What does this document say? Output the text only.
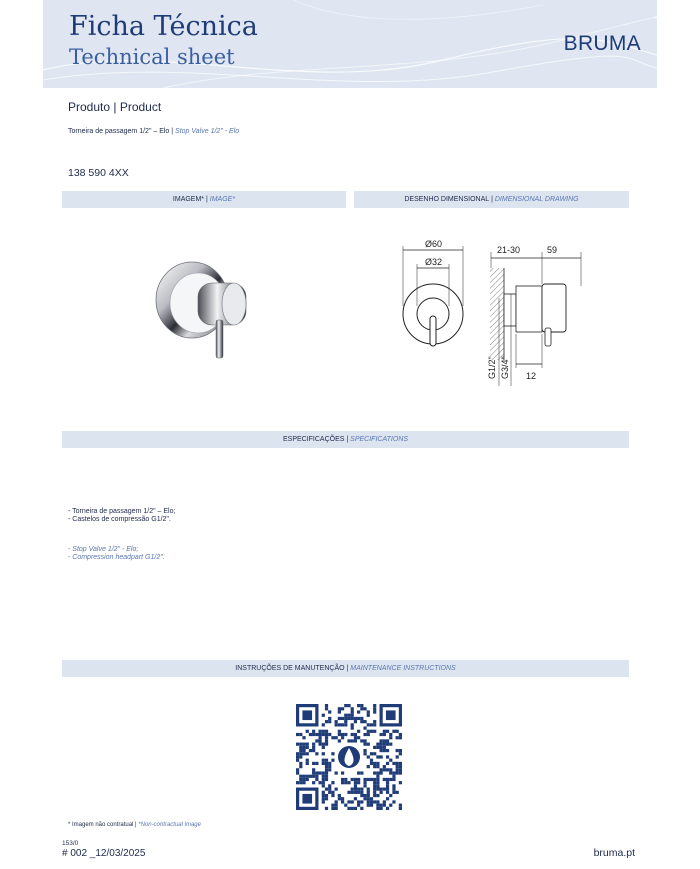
Ficha Técnica
Technical sheet
BRUMA
Produto | Product
Torneira de passagem 1/2" – Elo | Stop Valve 1/2" - Elo
138 590 4XX
IMAGEM* | IMAGE*	DESENHO DIMENSIONAL | DIMENSIONAL DRAWING
Ø60
Ø32
21-30	59
12
G1/2" G3/4"
ESPECIFICAÇÕES | SPECIFICATIONS
- Torneira de passagem 1/2" – Elo;
- Castelos de compressão G1/2".
- Stop Valve 1/2" - Elo;
- Compression headpart G1/2".
INSTRUÇÕES DE MANUTENÇÃO | MAINTENANCE INSTRUCTIONS
* Imagem não contratual | *Non-contractual image
153/0
# 002 _12/03/2025	bruma.pt
